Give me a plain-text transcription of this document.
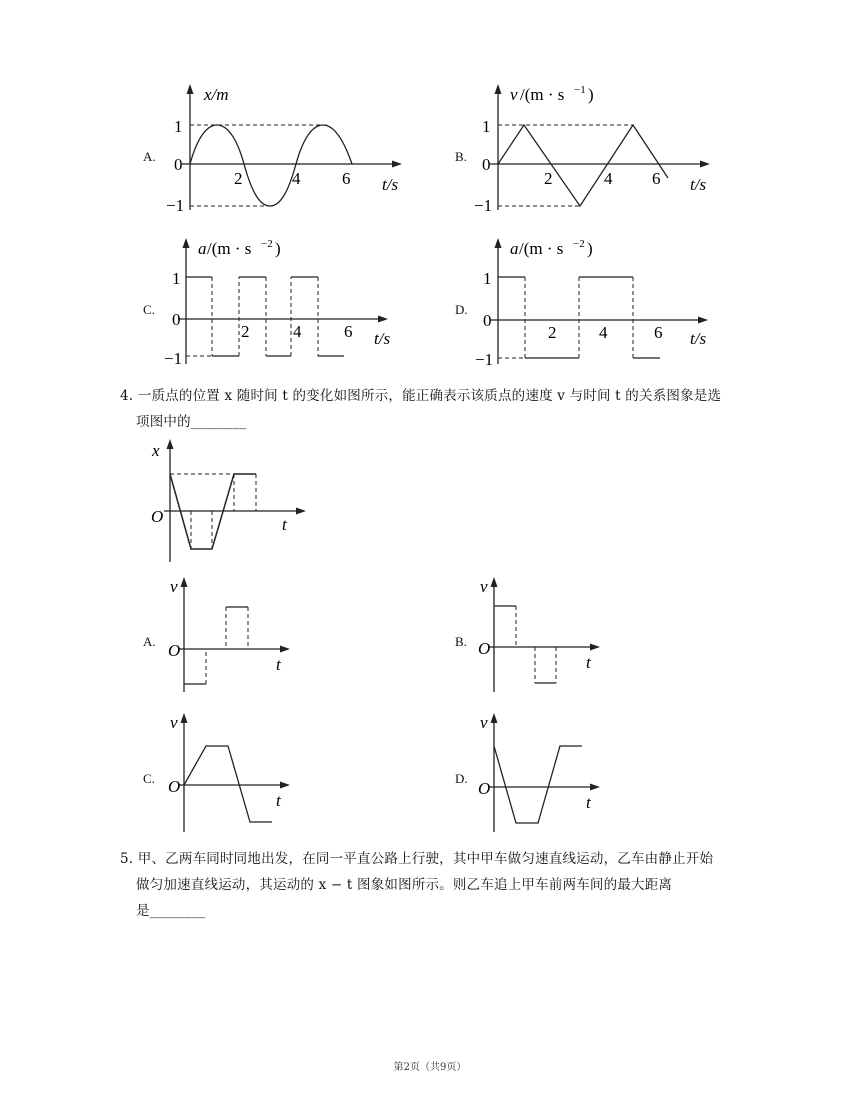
A.
x/m
1
0
−1
2	4 6 t/s
B.
v /(m · s −1 )
1
0
−1
2	4 6 t/s
C.
a /(m · s −2 )
1
0
−1
2	4	6 t/s
D.
a /(m · s −2 )
1
0
−1
2	4	6 t/s
4. 一质点的位置 x 随时间 t 的变化如图所示，能正确表示该质点的速度 v 与时间 t 的关系图象是选
项图中的________
x
O	t
A.
v
O
t
B.
v
O
t
C.
v
O
t
D.
v
O
t
5. 甲、乙两车同时同地出发，在同一平直公路上行驶，其中甲车做匀速直线运动，乙车由静止开始
做匀加速直线运动，其运动的 x − t 图象如图所示。则乙车追上甲车前两车间的最大距离
是________
第2页（共9页）
